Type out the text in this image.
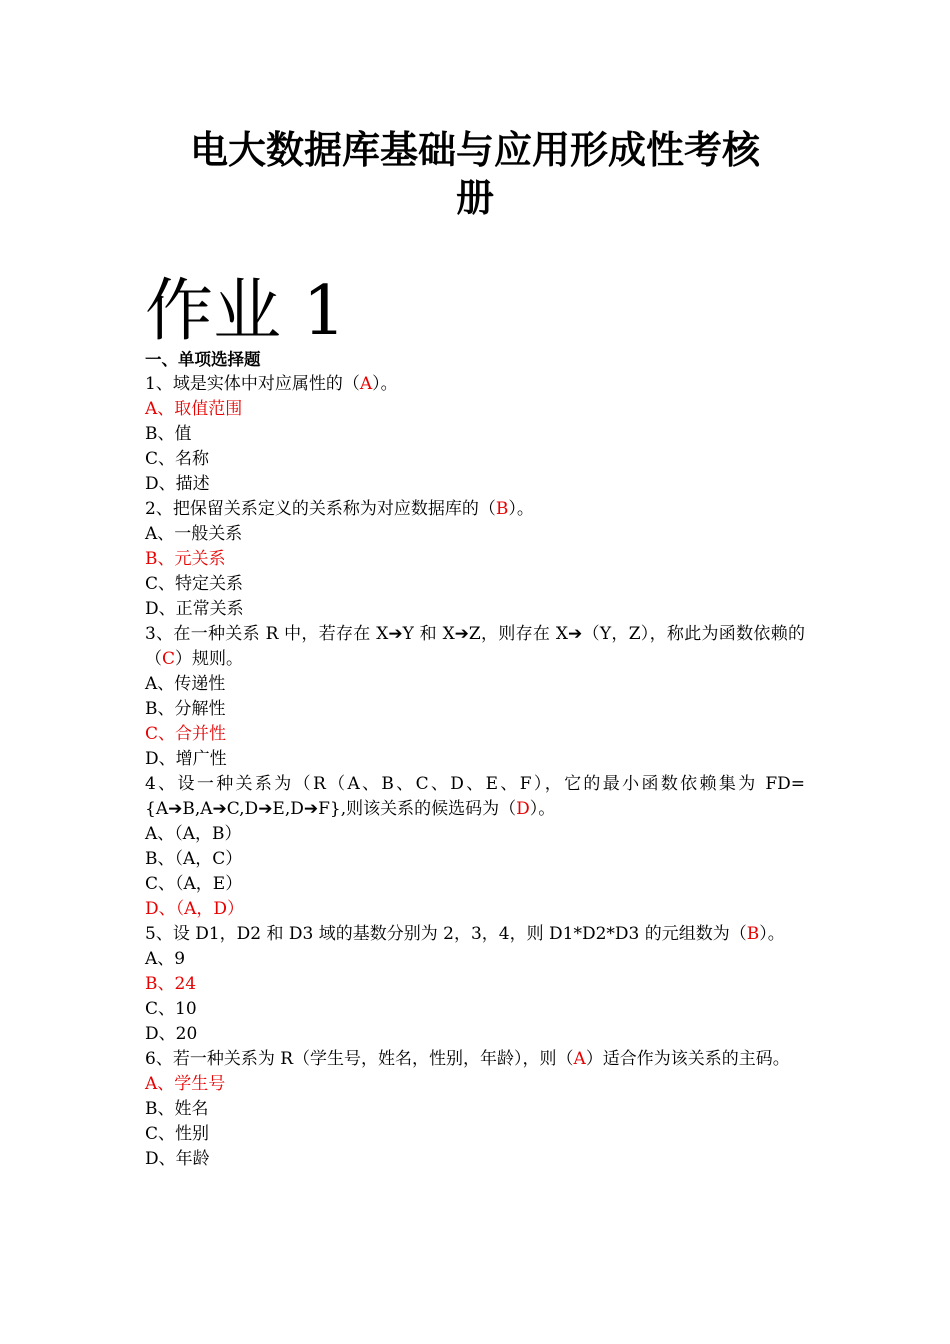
电大数据库基础与应用形成性考核
册
作业 1
一、单项选择题
1、域是实体中对应属性的（A）。
A、取值范围
B、值
C、名称
D、描述
2、把保留关系定义的关系称为对应数据库的（B）。
A、一般关系
B、元关系
C、特定关系
D、正常关系
3、在一种关系 R 中，若存在 X➔Y 和 X➔Z，则存在 X➔（Y，Z），称此为函数依赖的（C）规则。
A、传递性
B、分解性
C、合并性
D、增广性
4、设一种关系为（R（A、B、C、D、E、F），它的最小函数依赖集为 FD={A➔B,A➔C,D➔E,D➔F},则该关系的候选码为（D）。
A、（A，B）
B、（A，C）
C、（A，E）
D、（A，D）
5、设 D1，D2 和 D3 域的基数分别为 2，3，4，则 D1*D2*D3 的元组数为（B）。
A、9
B、24
C、10
D、20
6、若一种关系为 R（学生号，姓名，性别，年龄），则（A）适合作为该关系的主码。
A、学生号
B、姓名
C、性别
D、年龄
